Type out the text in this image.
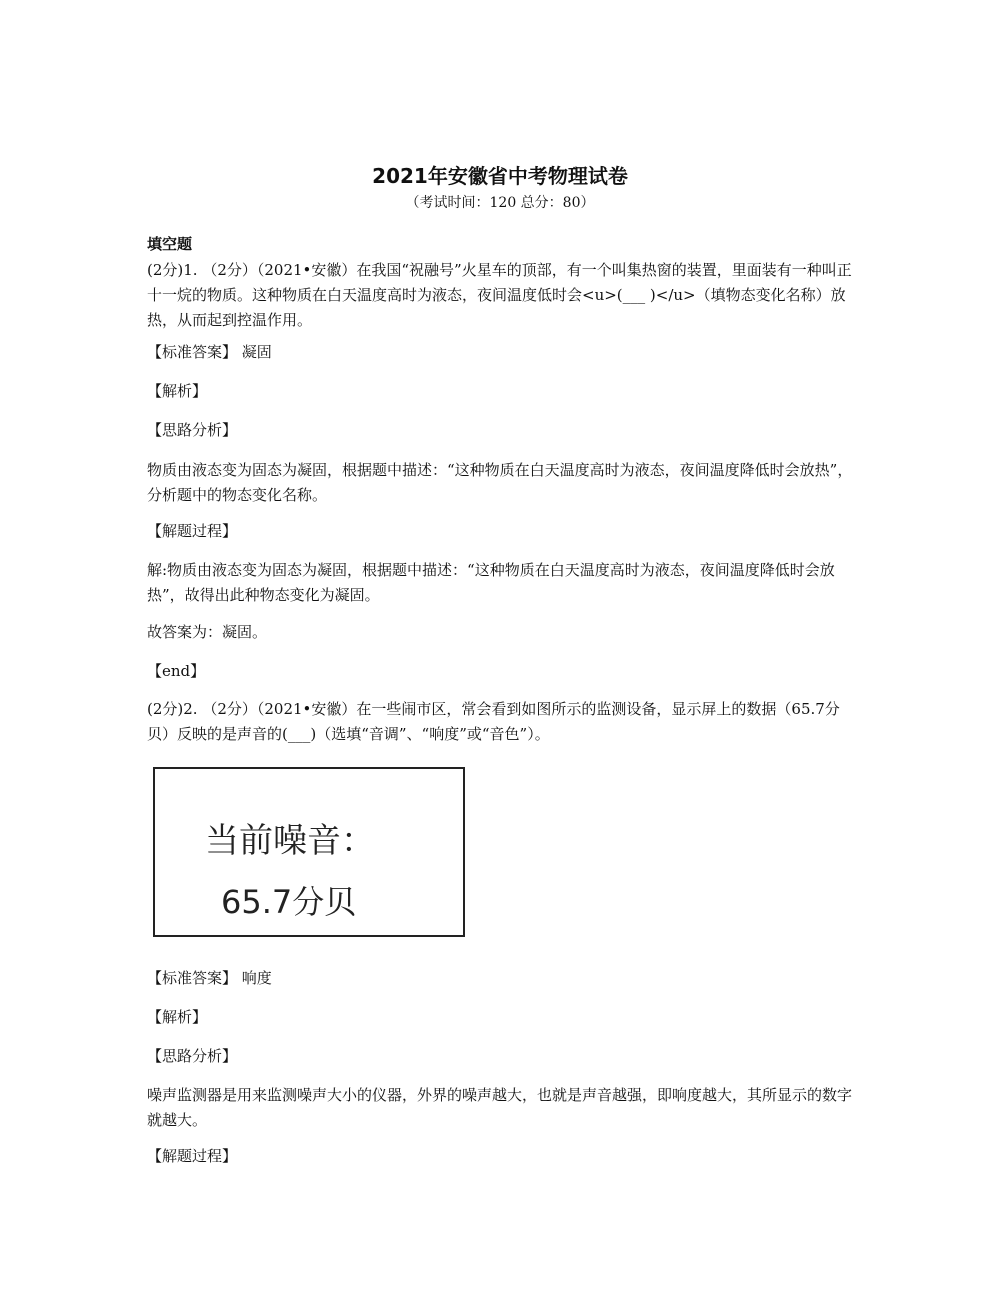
2021年安徽省中考物理试卷
（考试时间：120 总分：80）
填空题
(2分)1. （2分）（2021•安徽）在我国“祝融号”火星车的顶部，有一个叫集热窗的装置，里面装有一种叫正十一烷的物质。这种物质在白天温度高时为液态，夜间温度低时会<u>(___ )</u>（填物态变化名称）放热，从而起到控温作用。
【标准答案】 凝固
【解析】
【思路分析】
物质由液态变为固态为凝固，根据题中描述：“这种物质在白天温度高时为液态，夜间温度降低时会放热”，分析题中的物态变化名称。
【解题过程】
解:物质由液态变为固态为凝固，根据题中描述：“这种物质在白天温度高时为液态，夜间温度降低时会放热”，故得出此种物态变化为凝固。
故答案为：凝固。
【end】
(2分)2. （2分）（2021•安徽）在一些闹市区，常会看到如图所示的监测设备，显示屏上的数据（65.7分贝）反映的是声音的(___)（选填“音调”、“响度”或“音色”）。
当前噪音：
65.7分贝
【标准答案】 响度
【解析】
【思路分析】
噪声监测器是用来监测噪声大小的仪器，外界的噪声越大，也就是声音越强，即响度越大，其所显示的数字就越大。
【解题过程】
